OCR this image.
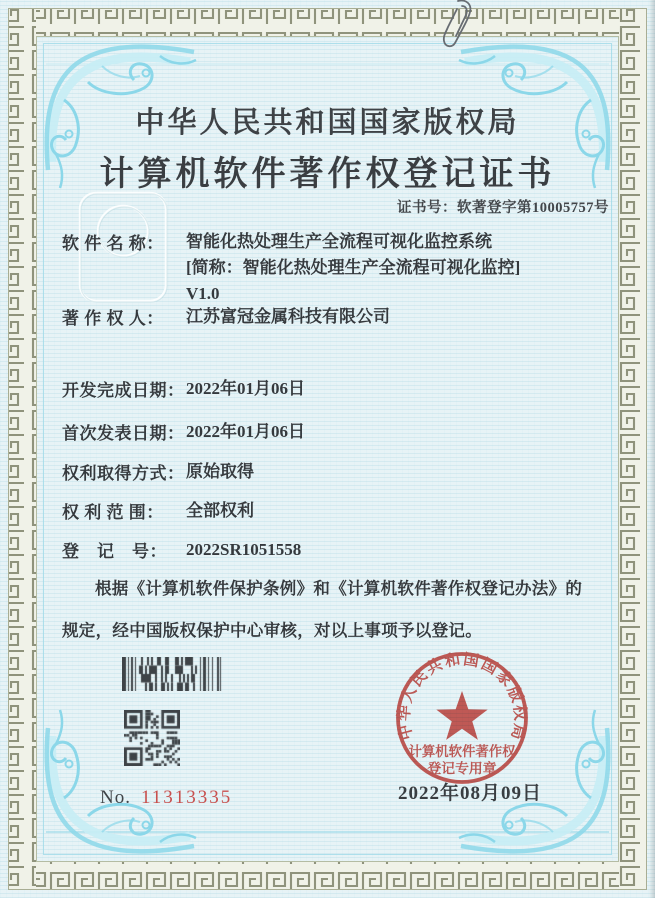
中华人民共和国国家版权局
计算机软件著作权登记证书
证书号：软著登字第10005757号
软 件 名 称：	智能化热处理生产全流程可视化监控系统
[简称：智能化热处理生产全流程可视化监控]
V1.0
著 作 权 人：	江苏富冠金属科技有限公司
开发完成日期： 2022年01月06日
首次发表日期： 2022年01月06日
权利取得方式： 原始取得
权 利 范 围：	全部权利
登　记　号：	2022SR1051558
根据《计算机软件保护条例》和《计算机软件著作权登记办法》的
规定，经中国版权保护中心审核，对以上事项予以登记。
No. 11313335	2022年08月09日
中华人民共和国国家版权局
计算机软件著作权
登记专用章
